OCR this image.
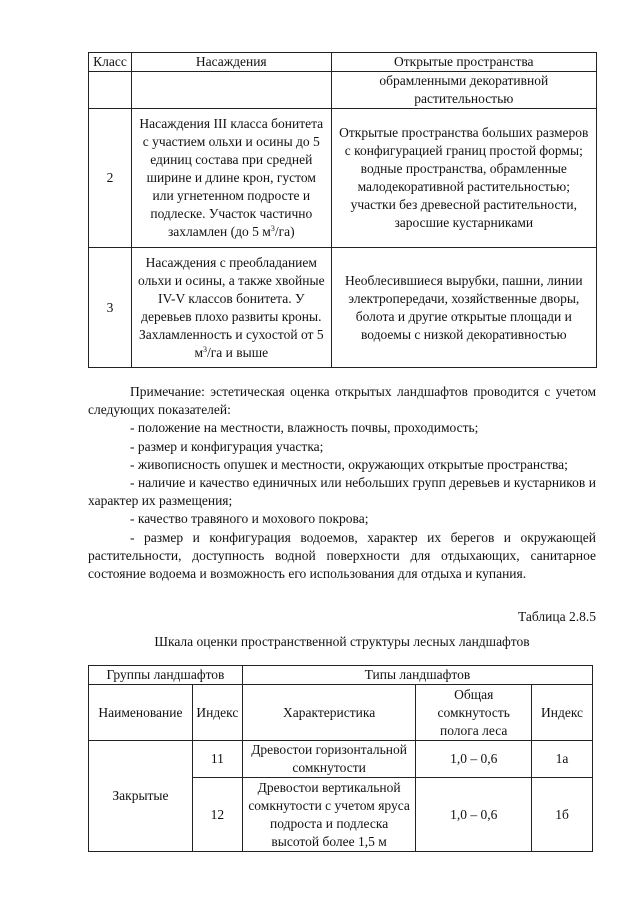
Класс	Насаждения	Открытые пространства
		обрамленными декоративной растительностью
2	Насаждения III класса бонитета с участием ольхи и осины до 5 единиц состава при средней ширине и длине крон, густом или угнетенном подросте и подлеске. Участок частично захламлен (до 5 $м^3/га$)	Открытые пространства больших размеров с конфигурацией границ простой формы; водные пространства, обрамленные малодекоративной растительностью; участки без древесной растительности, заросшие кустарниками
3	Насаждения с преобладанием ольхи и осины, а также хвойные IV-V классов бонитета. У деревьев плохо развиты кроны. Захламленность и сухостой от 5 $м^3/га$ и выше	Необлесившиеся вырубки, пашни, линии электропередачи, хозяйственные дворы, болота и другие открытые площади и водоемы с низкой декоративностью

Примечание: эстетическая оценка открытых ландшафтов проводится с учетом следующих показателей:

- положение на местности, влажность почвы, проходимость;

- размер и конфигурация участка;

- живописность опушек и местности, окружающих открытые пространства;

- наличие и качество единичных или небольших групп деревьев и кустарников и характер их размещения;

- качество травяного и мохового покрова;

- размер и конфигурация водоемов, характер их берегов и окружающей растительности, доступность водной поверхности для отдыхающих, санитарное состояние водоема и возможность его использования для отдыха и купания.

Таблица 2.8.5
Шкала оценки пространственной структуры лесных ландшафтов
Группы ландшафтов		Типы ландшафтов		
Наименование	Индекс	Характеристика	Общая сомкнутость полога леса	Индекс
Закрытые	11	Древостои горизонтальной сомкнутости	1,0 – 0,6	1а
	12	Древостои вертикальной сомкнутости с учетом яруса подроста и подлеска высотой более 1,5 м	1,0 – 0,6	1б
